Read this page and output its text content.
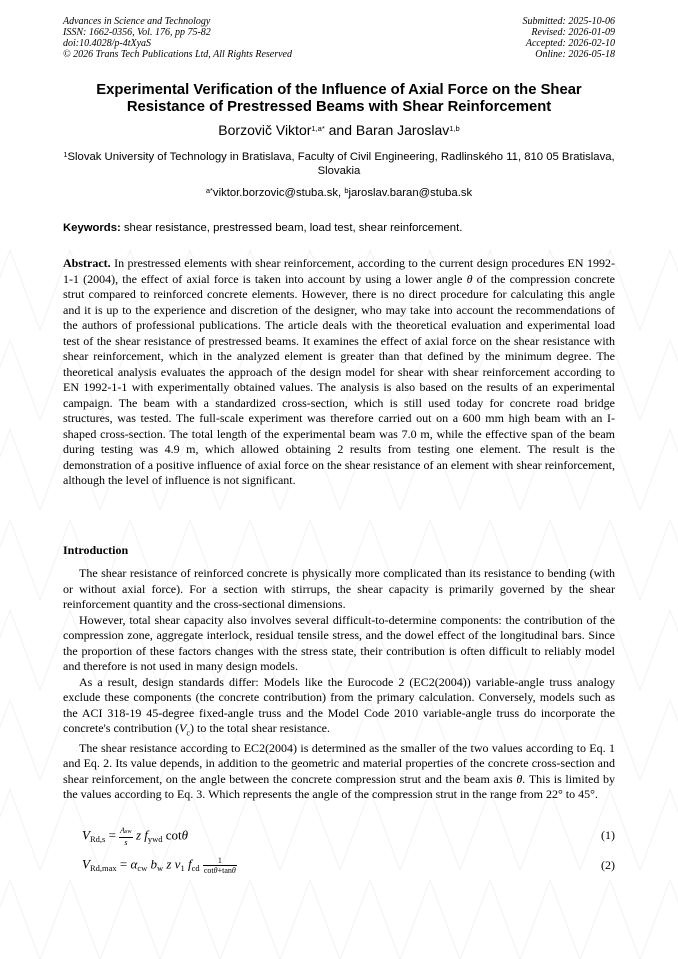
Advances in Science and Technology
ISSN: 1662-0356, Vol. 176, pp 75-82
doi:10.4028/p-4tXyaS
© 2026 Trans Tech Publications Ltd, All Rights Reserved
Submitted: 2025-10-06
Revised: 2026-01-09
Accepted: 2026-02-10
Online: 2026-05-18
Experimental Verification of the Influence of Axial Force on the Shear Resistance of Prestressed Beams with Shear Reinforcement
Borzovič Viktor$^{1,a*}$ and Baran Jaroslav$^{1,b}$
$^1$Slovak University of Technology in Bratislava, Faculty of Civil Engineering, Radlinského 11, 810 05 Bratislava, Slovakia
$^{a*}$viktor.borzovic@stuba.sk, $^b$jaroslav.baran@stuba.sk
Keywords: shear resistance, prestressed beam, load test, shear reinforcement.
Abstract. In prestressed elements with shear reinforcement, according to the current design procedures EN 1992-1-1 (2004), the effect of axial force is taken into account by using a lower angle θ of the compression concrete strut compared to reinforced concrete elements. However, there is no direct procedure for calculating this angle and it is up to the experience and discretion of the designer, who may take into account the recommendations of the authors of professional publications. The article deals with the theoretical evaluation and experimental load test of the shear resistance of prestressed beams. It examines the effect of axial force on the shear resistance with shear reinforcement, which in the analyzed element is greater than that defined by the minimum degree. The theoretical analysis evaluates the approach of the design model for shear with shear reinforcement according to EN 1992-1-1 with experimentally obtained values. The analysis is also based on the results of an experimental campaign. The beam with a standardized cross-section, which is still used today for concrete road bridge structures, was tested. The full-scale experiment was therefore carried out on a 600 mm high beam with an I-shaped cross-section. The total length of the experimental beam was 7.0 m, while the effective span of the beam during testing was 4.9 m, which allowed obtaining 2 results from testing one element. The result is the demonstration of a positive influence of axial force on the shear resistance of an element with shear reinforcement, although the level of influence is not significant.
Introduction

The shear resistance of reinforced concrete is physically more complicated than its resistance to bending (with or without axial force). For a section with stirrups, the shear capacity is primarily governed by the shear reinforcement quantity and the cross-sectional dimensions.

However, total shear capacity also involves several difficult-to-determine components: the contribution of the compression zone, aggregate interlock, residual tensile stress, and the dowel effect of the longitudinal bars. Since the proportion of these factors changes with the stress state, their contribution is often difficult to reliably model and therefore is not used in many design models.

As a result, design standards differ: Models like the Eurocode 2 (EC2(2004)) variable-angle truss analogy exclude these components (the concrete contribution) from the primary calculation. Conversely, models such as the ACI 318-19 45-degree fixed-angle truss and the Model Code 2010 variable-angle truss do incorporate the concrete's contribution $(V_c)$ to the total shear resistance.

The shear resistance according to EC2(2004) is determined as the smaller of the two values according to Eq. 1 and Eq. 2. Its value depends, in addition to the geometric and material properties of the concrete cross-section and shear reinforcement, on the angle between the concrete compression strut and the beam axis θ. This is limited by the values according to Eq. 3. Which represents the angle of the compression strut in the range from 22° to 45°.

$V_{Rd,s} = \frac{\text{Asw}}{s}$ z $f_{ywd}$ cotθ	(1)
$V_{Rd,max} = \alpha_{cw}$ $b_w$ z $\nu_1$ $f_{cd} \frac{1}{\cot\theta+\tan\theta}$	(2)
